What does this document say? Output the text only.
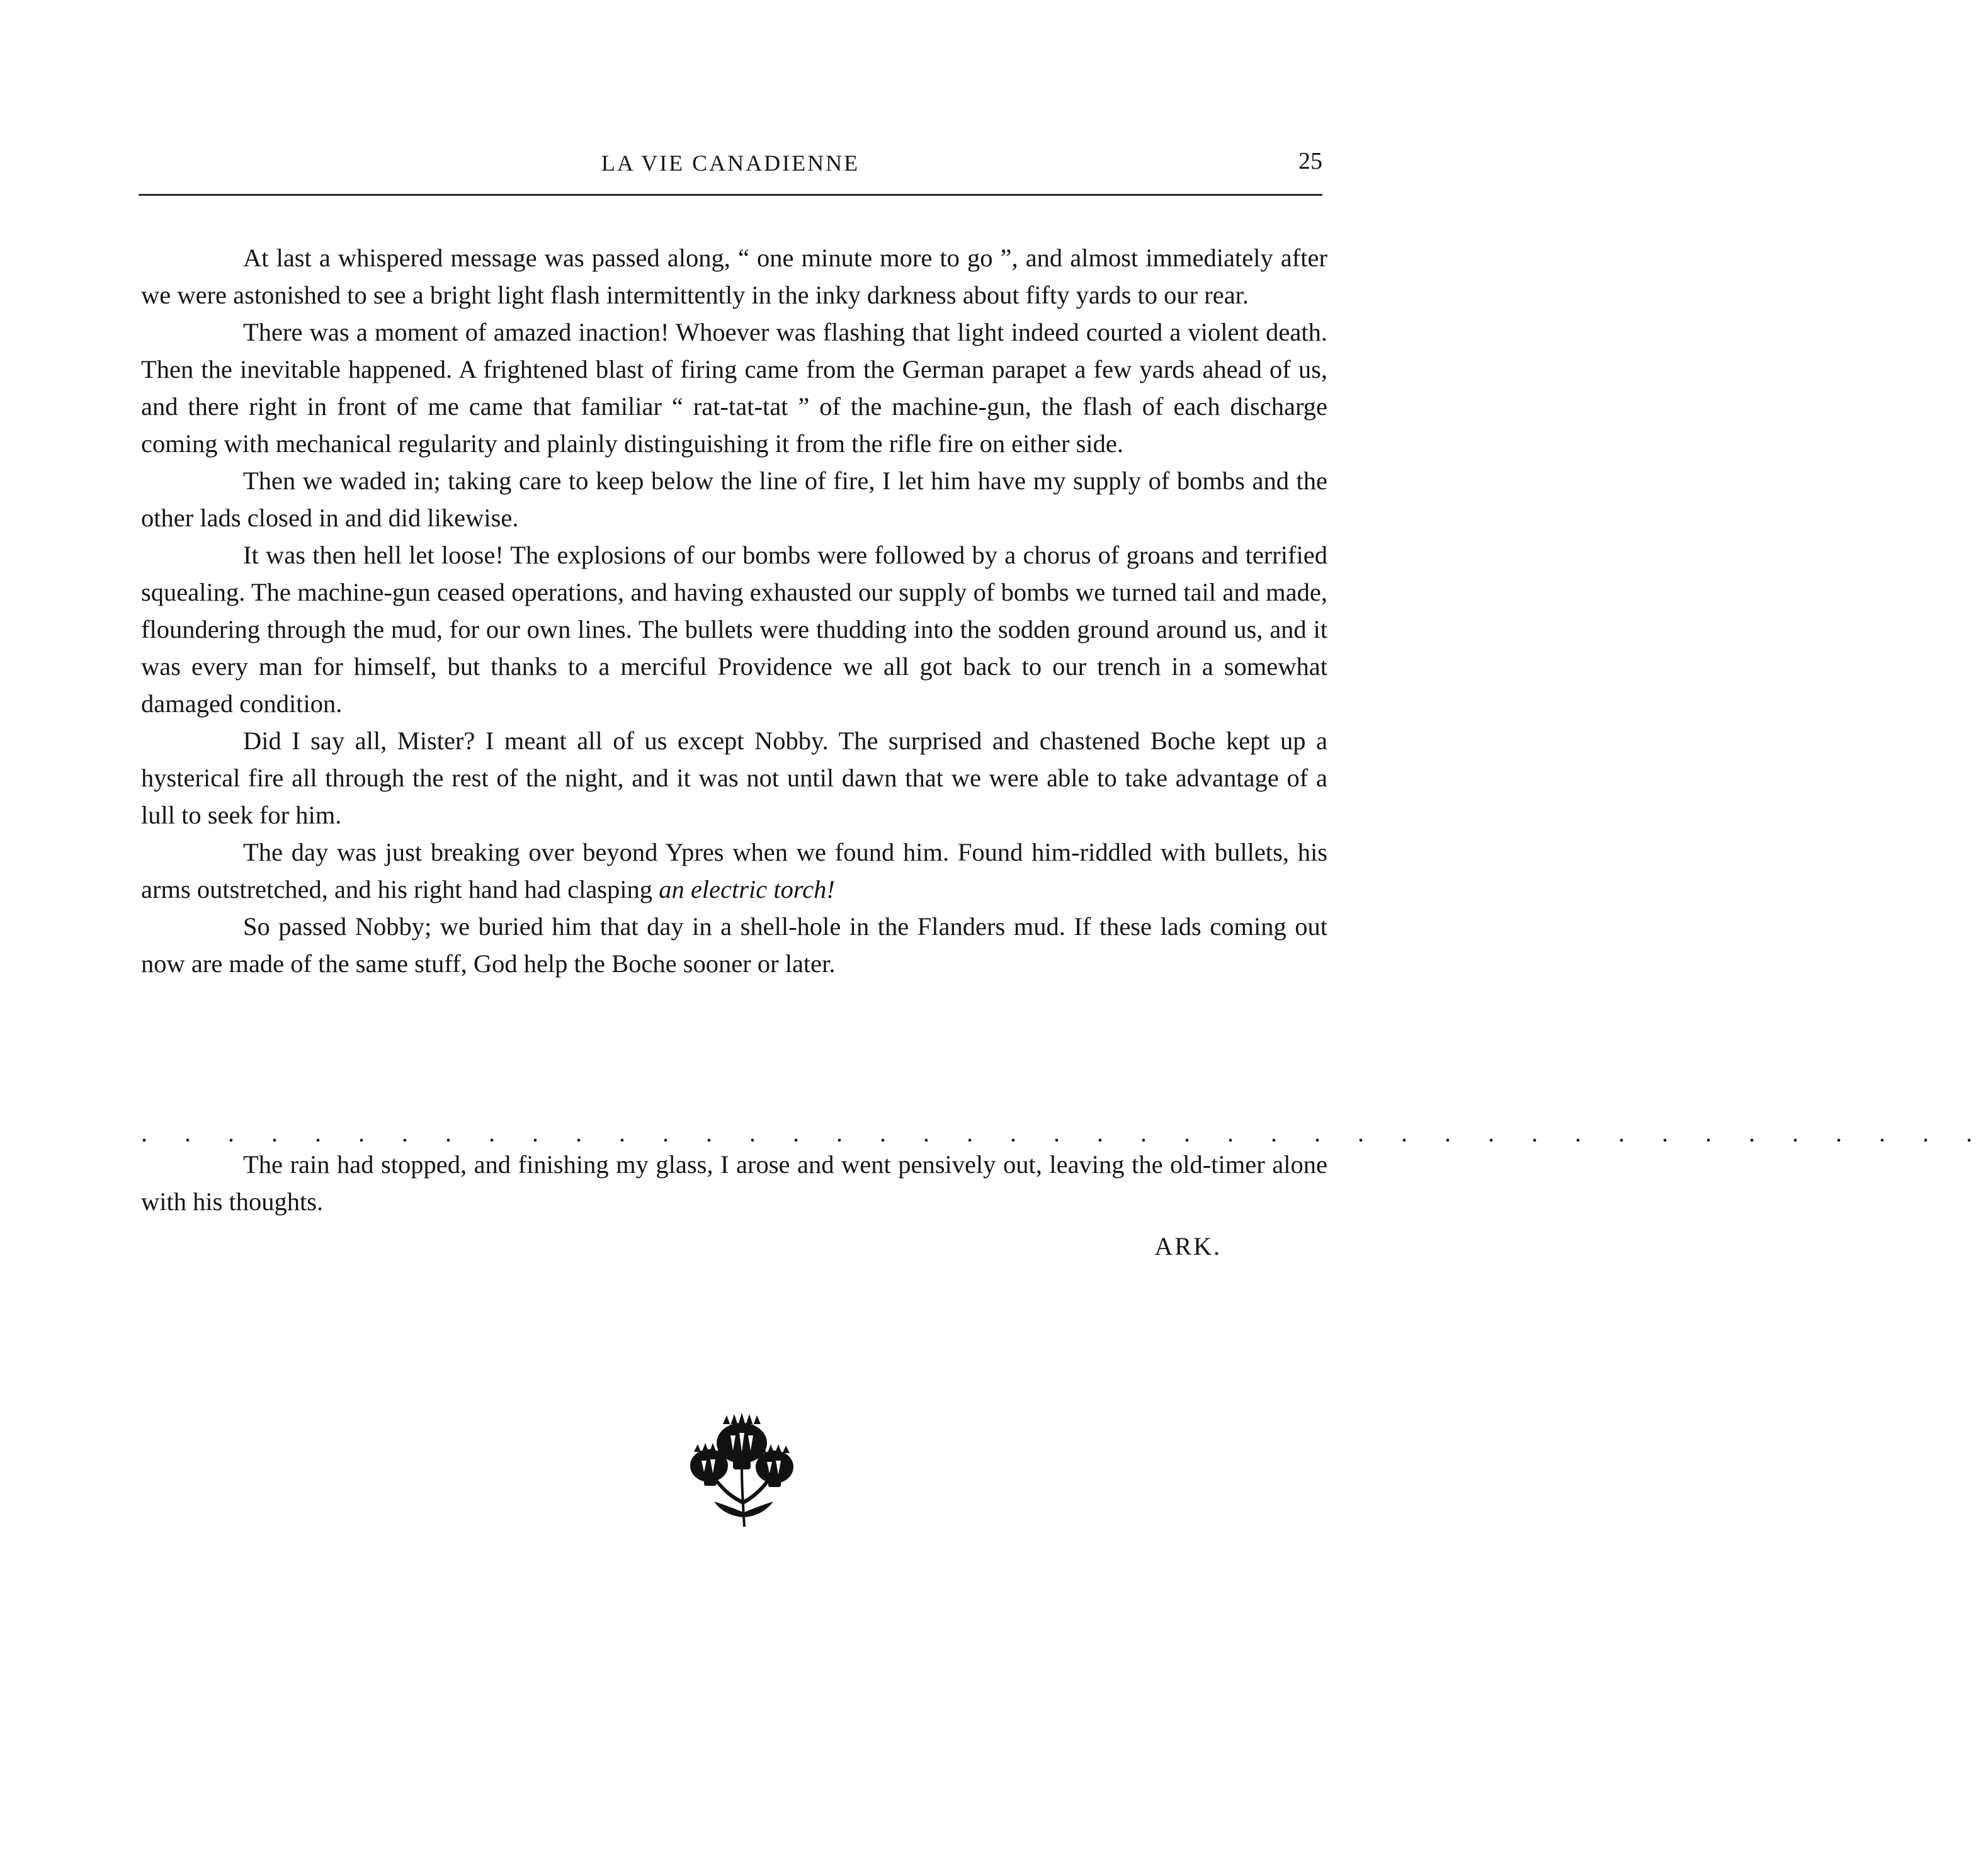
LA VIE CANADIENNE	25

At last a whispered message was passed along, “ one minute more to go ”, and almost immediately after we were astonished to see a bright light flash intermittently in the inky darkness about fifty yards to our rear.

There was a moment of amazed inaction! Whoever was flashing that light indeed courted a violent death. Then the inevitable happened. A frightened blast of firing came from the German parapet a few yards ahead of us, and there right in front of me came that familiar “ rat-tat-tat ” of the machine-gun, the flash of each discharge coming with mechanical regularity and plainly distinguishing it from the rifle fire on either side.

Then we waded in; taking care to keep below the line of fire, I let him have my supply of bombs and the other lads closed in and did likewise.

It was then hell let loose! The explosions of our bombs were followed by a chorus of groans and terrified squealing. The machine-gun ceased operations, and having exhausted our supply of bombs we turned tail and made, floundering through the mud, for our own lines. The bullets were thudding into the sodden ground around us, and it was every man for himself, but thanks to a merciful Providence we all got back to our trench in a somewhat damaged condition.

Did I say all, Mister? I meant all of us except Nobby. The surprised and chastened Boche kept up a hysterical fire all through the rest of the night, and it was not until dawn that we were able to take advantage of a lull to seek for him.

The day was just breaking over beyond Ypres when we found him. Found him-riddled with bullets, his arms outstretched, and his right hand had clasping an electric torch!

So passed Nobby; we buried him that day in a shell-hole in the Flanders mud. If these lads coming out now are made of the same stuff, God help the Boche sooner or later.

. . . . . . . . . . . . . . . . . . . . . . . . . . . . . . . . . . . . . . . . . . .

The rain had stopped, and finishing my glass, I arose and went pensively out, leaving the old-timer alone with his thoughts.

ARK.
